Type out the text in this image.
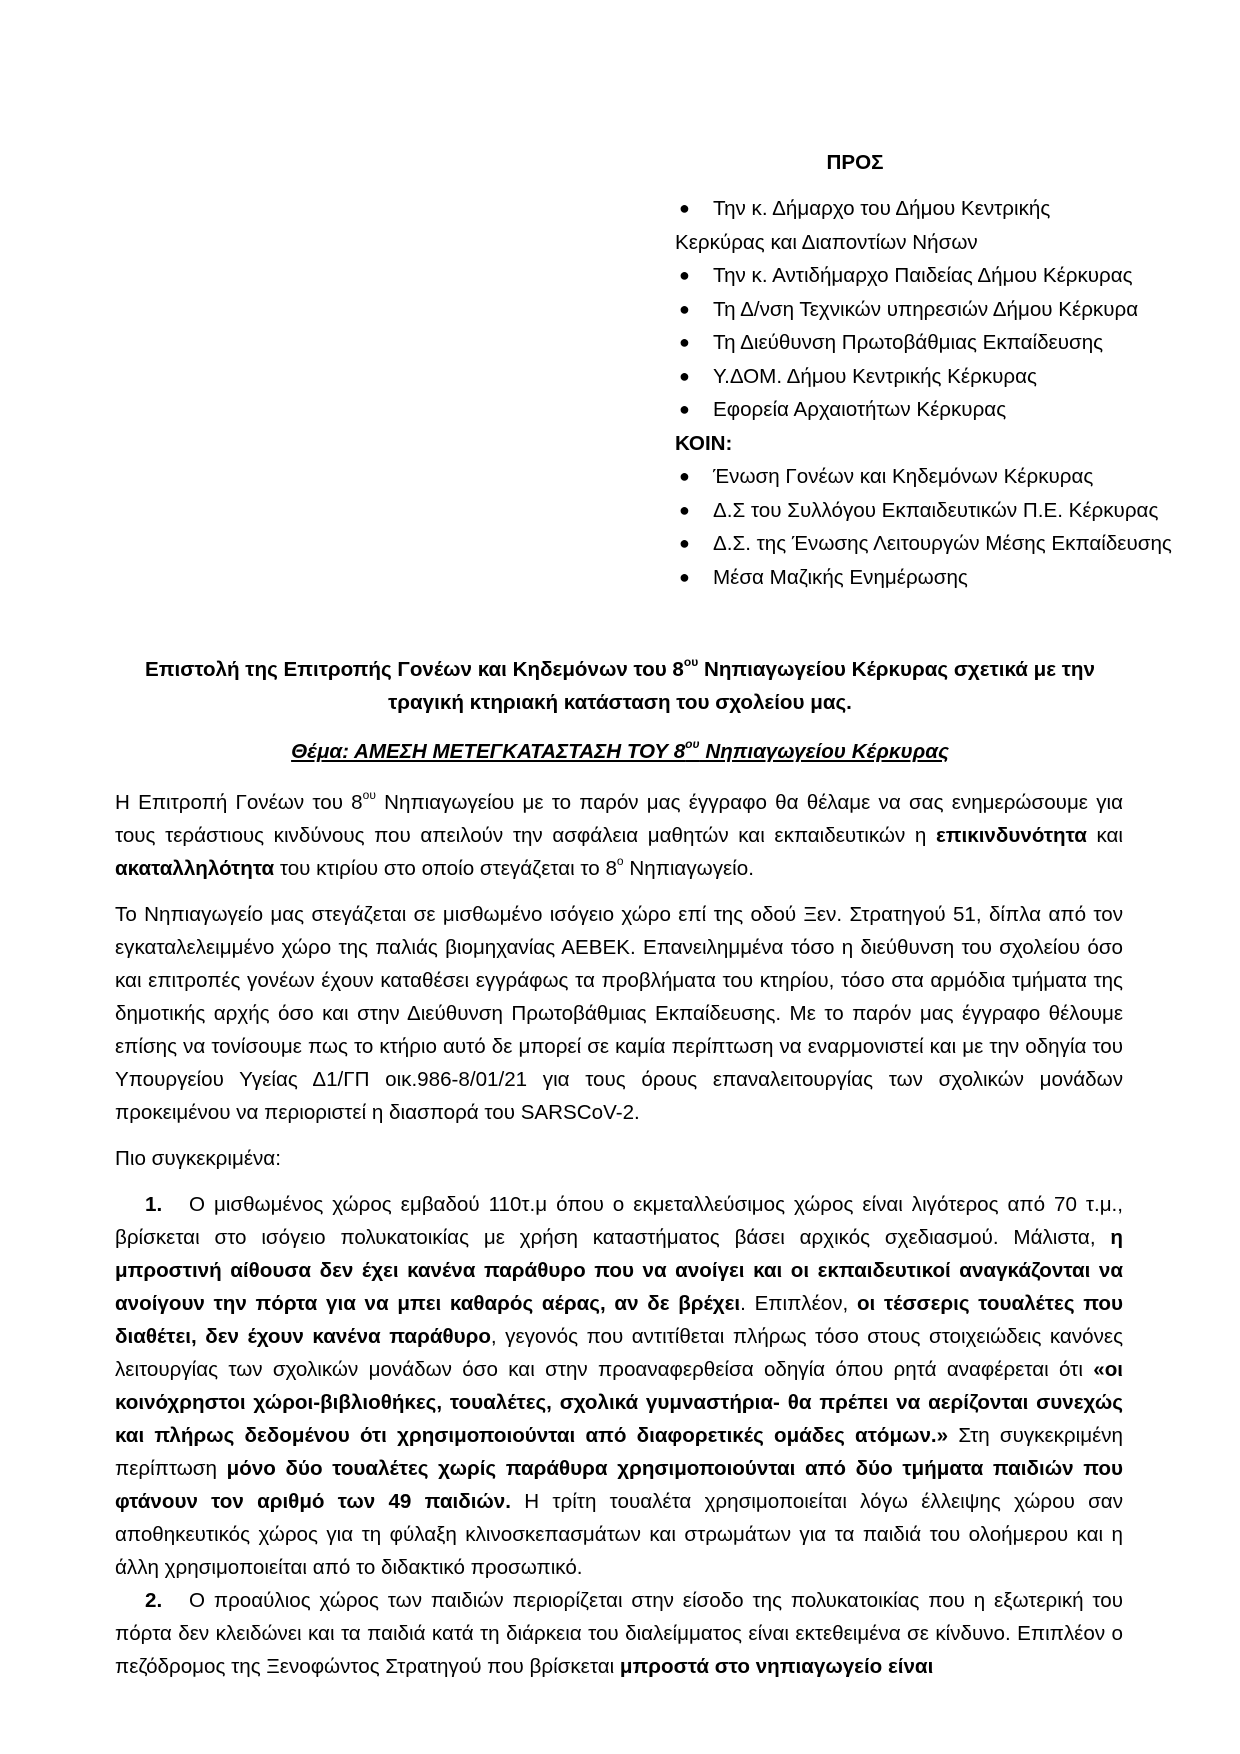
ΠΡΟΣ
● Την κ. Δήμαρχο του Δήμου Κεντρικής
Κερκύρας και Διαποντίων Νήσων
● Την κ. Αντιδήμαρχο Παιδείας Δήμου Κέρκυρας
● Τη Δ/νση Τεχνικών υπηρεσιών Δήμου Κέρκυρα
● Τη Διεύθυνση Πρωτοβάθμιας Εκπαίδευσης
● Υ.ΔΟΜ. Δήμου Κεντρικής Κέρκυρας
● Εφορεία Αρχαιοτήτων Κέρκυρας
ΚΟΙΝ:
● Ένωση Γονέων και Κηδεμόνων Κέρκυρας
● Δ.Σ του Συλλόγου Εκπαιδευτικών Π.Ε. Κέρκυρας
● Δ.Σ. της Ένωσης Λειτουργών Μέσης Εκπαίδευσης
● Μέσα Μαζικής Ενημέρωσης
Επιστολή της Επιτροπής Γονέων και Κηδεμόνων του $8^{o\upsilon}$ Νηπιαγωγείου Κέρκυρας σχετικά με την τραγική κτηριακή κατάσταση του σχολείου μας.
Θέμα: ΑΜΕΣΗ ΜΕΤΕΓΚΑΤΑΣΤΑΣΗ ΤΟΥ $8^{o\upsilon}$ Νηπιαγωγείου Κέρκυρας

Η Επιτροπή Γονέων του $8^{o\upsilon}$ Νηπιαγωγείου με το παρόν μας έγγραφο θα θέλαμε να σας ενημερώσουμε για τους τεράστιους κινδύνους που απειλούν την ασφάλεια μαθητών και εκπαιδευτικών η επικινδυνότητα και ακαταλληλότητα του κτιρίου στο οποίο στεγάζεται το $8^o$ Νηπιαγωγείο.

Το Νηπιαγωγείο μας στεγάζεται σε μισθωμένο ισόγειο χώρο επί της οδού Ξεν. Στρατηγού 51, δίπλα από τον εγκαταλελειμμένο χώρο της παλιάς βιομηχανίας ΑΕΒΕΚ. Επανειλημμένα τόσο η διεύθυνση του σχολείου όσο και επιτροπές γονέων έχουν καταθέσει εγγράφως τα προβλήματα του κτηρίου, τόσο στα αρμόδια τμήματα της δημοτικής αρχής όσο και στην Διεύθυνση Πρωτοβάθμιας Εκπαίδευσης. Με το παρόν μας έγγραφο θέλουμε επίσης να τονίσουμε πως το κτήριο αυτό δε μπορεί σε καμία περίπτωση να εναρμονιστεί και με την οδηγία του Υπουργείου Υγείας Δ1/ΓΠ οικ.986-8/01/21 για τους όρους επαναλειτουργίας των σχολικών μονάδων προκειμένου να περιοριστεί η διασπορά του SARSCoV-2.

Πιο συγκεκριμένα:

1. Ο μισθωμένος χώρος εμβαδού 110τ.μ όπου ο εκμεταλλεύσιμος χώρος είναι λιγότερος από 70 τ.μ., βρίσκεται στο ισόγειο πολυκατοικίας με χρήση καταστήματος βάσει αρχικός σχεδιασμού. Μάλιστα, η μπροστινή αίθουσα δεν έχει κανένα παράθυρο που να ανοίγει και οι εκπαιδευτικοί αναγκάζονται να ανοίγουν την πόρτα για να μπει καθαρός αέρας, αν δε βρέχει. Επιπλέον, οι τέσσερις τουαλέτες που διαθέτει, δεν έχουν κανένα παράθυρο, γεγονός που αντιτίθεται πλήρως τόσο στους στοιχειώδεις κανόνες λειτουργίας των σχολικών μονάδων όσο και στην προαναφερθείσα οδηγία όπου ρητά αναφέρεται ότι «οι κοινόχρηστοι χώροι-βιβλιοθήκες, τουαλέτες, σχολικά γυμναστήρια- θα πρέπει να αερίζονται συνεχώς και πλήρως δεδομένου ότι χρησιμοποιούνται από διαφορετικές ομάδες ατόμων.» Στη συγκεκριμένη περίπτωση μόνο δύο τουαλέτες χωρίς παράθυρα χρησιμοποιούνται από δύο τμήματα παιδιών που φτάνουν τον αριθμό των 49 παιδιών. Η τρίτη τουαλέτα χρησιμοποιείται λόγω έλλειψης χώρου σαν αποθηκευτικός χώρος για τη φύλαξη κλινοσκεπασμάτων και στρωμάτων για τα παιδιά του ολοήμερου και η άλλη χρησιμοποιείται από το διδακτικό προσωπικό.
2. Ο προαύλιος χώρος των παιδιών περιορίζεται στην είσοδο της πολυκατοικίας που η εξωτερική του πόρτα δεν κλειδώνει και τα παιδιά κατά τη διάρκεια του διαλείμματος είναι εκτεθειμένα σε κίνδυνο. Επιπλέον ο πεζόδρομος της Ξενοφώντος Στρατηγού που βρίσκεται μπροστά στο νηπιαγωγείο είναι
